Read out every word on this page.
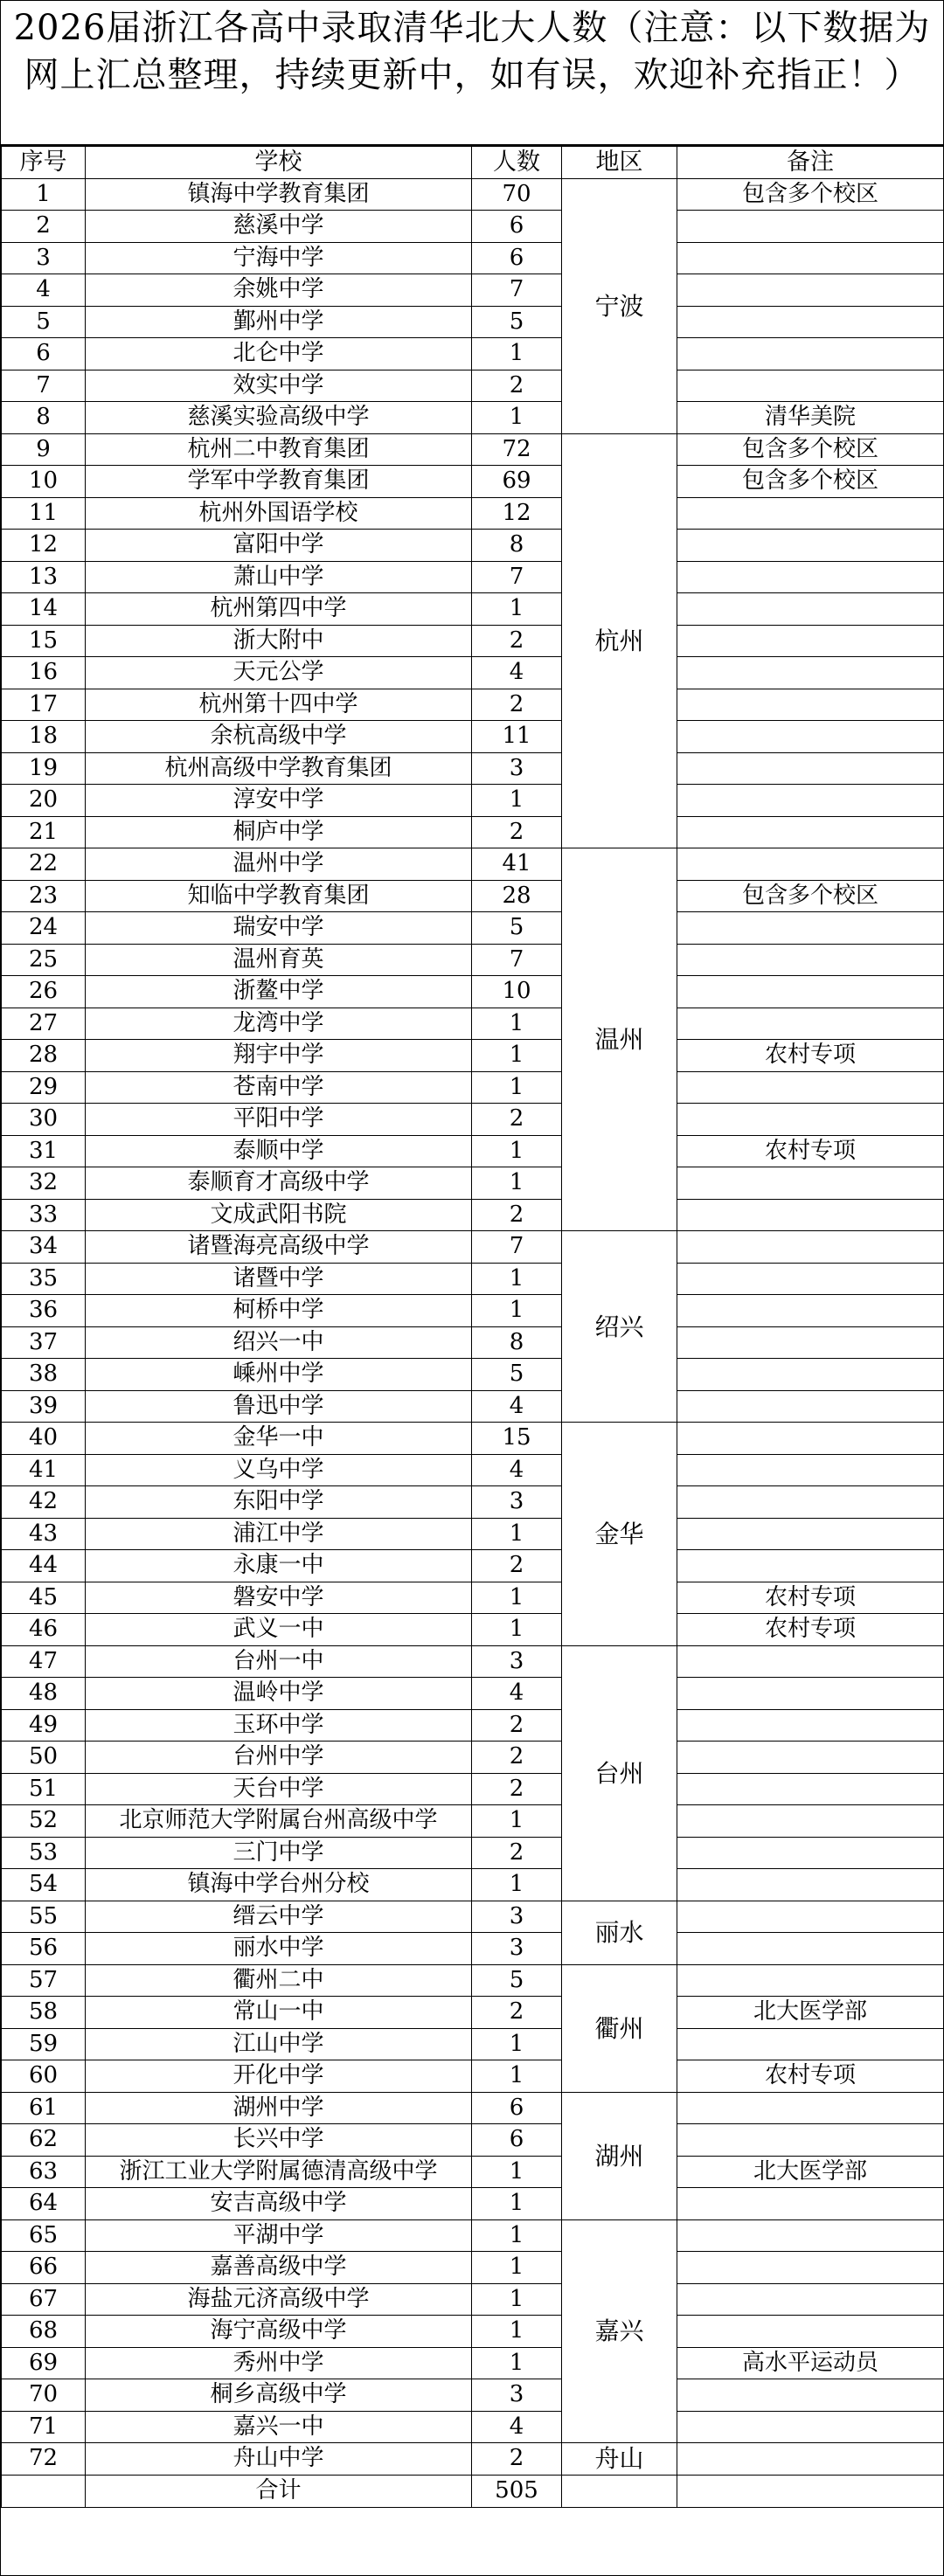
2026届浙江各高中录取清华北大人数（注意：以下数据为网上汇总整理，持续更新中，如有误，欢迎补充指正！）
序号	学校	人数	地区	备注
1	镇海中学教育集团	70	宁波	包含多个校区
2	慈溪中学	6		
3	宁海中学	6		
4	余姚中学	7		
5	鄞州中学	5		
6	北仑中学	1		
7	效实中学	2		
8	慈溪实验高级中学	1		清华美院
9	杭州二中教育集团	72	杭州	包含多个校区
10	学军中学教育集团	69		包含多个校区
11	杭州外国语学校	12		
12	富阳中学	8		
13	萧山中学	7		
14	杭州第四中学	1		
15	浙大附中	2		
16	天元公学	4		
17	杭州第十四中学	2		
18	余杭高级中学	11		
19	杭州高级中学教育集团	3		
20	淳安中学	1		
21	桐庐中学	2		
22	温州中学	41	温州	
23	知临中学教育集团	28		包含多个校区
24	瑞安中学	5		
25	温州育英	7		
26	浙鳌中学	10		
27	龙湾中学	1		
28	翔宇中学	1		农村专项
29	苍南中学	1		
30	平阳中学	2		
31	泰顺中学	1		农村专项
32	泰顺育才高级中学	1		
33	文成武阳书院	2		
34	诸暨海亮高级中学	7	绍兴	
35	诸暨中学	1		
36	柯桥中学	1		
37	绍兴一中	8		
38	嵊州中学	5		
39	鲁迅中学	4		
40	金华一中	15	金华	
41	义乌中学	4		
42	东阳中学	3		
43	浦江中学	1		
44	永康一中	2		
45	磐安中学	1		农村专项
46	武义一中	1		农村专项
47	台州一中	3	台州	
48	温岭中学	4		
49	玉环中学	2		
50	台州中学	2		
51	天台中学	2		
52	北京师范大学附属台州高级中学	1		
53	三门中学	2		
54	镇海中学台州分校	1		
55	缙云中学	3	丽水	
56	丽水中学	3		
57	衢州二中	5	衢州	
58	常山一中	2		北大医学部
59	江山中学	1		
60	开化中学	1		农村专项
61	湖州中学	6	湖州	
62	长兴中学	6		
63	浙江工业大学附属德清高级中学	1		北大医学部
64	安吉高级中学	1		
65	平湖中学	1	嘉兴	
66	嘉善高级中学	1		
67	海盐元济高级中学	1		
68	海宁高级中学	1		
69	秀州中学	1		高水平运动员
70	桐乡高级中学	3		
71	嘉兴一中	4		
72	舟山中学	2	舟山	
	合计	505		
